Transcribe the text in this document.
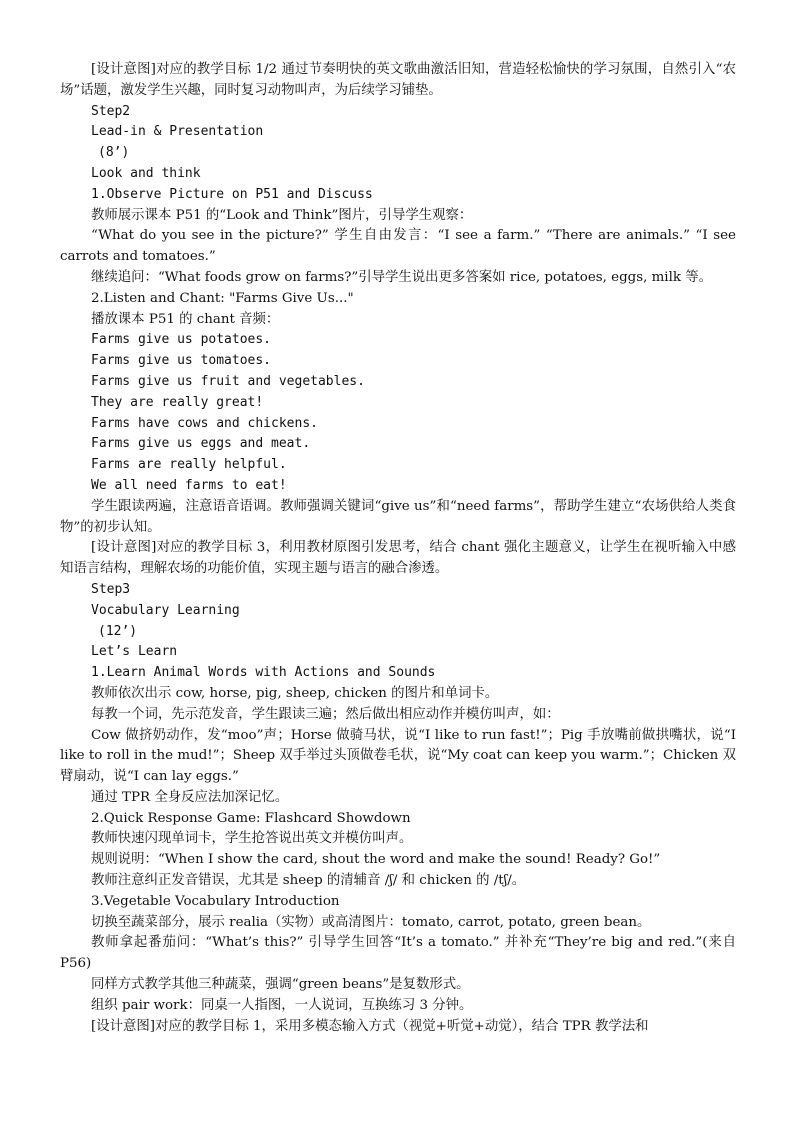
[设计意图]对应的教学目标 1/2 通过节奏明快的英文歌曲激活旧知，营造轻松愉快的学习氛围，自然引入“农场”话题，激发学生兴趣，同时复习动物叫声，为后续学习铺垫。

Step2

Lead-in & Presentation

(8’)

Look and think

1.Observe Picture on P51 and Discuss

教师展示课本 P51 的“Look and Think”图片，引导学生观察：

“What do you see in the picture?” 学生自由发言：“I see a farm.” “There are animals.” “I see carrots and tomatoes.”

继续追问：“What foods grow on farms?”引导学生说出更多答案如 rice, potatoes, eggs, milk 等。

2.Listen and Chant: "Farms Give Us..."

播放课本 P51 的 chant 音频：

Farms give us potatoes.

Farms give us tomatoes.

Farms give us fruit and vegetables.

They are really great!

Farms have cows and chickens.

Farms give us eggs and meat.

Farms are really helpful.

We all need farms to eat!

学生跟读两遍，注意语音语调。教师强调关键词“give us”和“need farms”，帮助学生建立“农场供给人类食物”的初步认知。

[设计意图]对应的教学目标 3，利用教材原图引发思考，结合 chant 强化主题意义，让学生在视听输入中感知语言结构，理解农场的功能价值，实现主题与语言的融合渗透。

Step3

Vocabulary Learning

(12’)

Let’s Learn

1.Learn Animal Words with Actions and Sounds

教师依次出示 cow, horse, pig, sheep, chicken 的图片和单词卡。

每教一个词，先示范发音，学生跟读三遍；然后做出相应动作并模仿叫声，如：

Cow 做挤奶动作，发“moo”声；Horse 做骑马状，说“I like to run fast!”；Pig 手放嘴前做拱嘴状，说“I like to roll in the mud!”；Sheep 双手举过头顶做卷毛状，说“My coat can keep you warm.”；Chicken 双臂扇动，说“I can lay eggs.”

通过 TPR 全身反应法加深记忆。

2.Quick Response Game: Flashcard Showdown

教师快速闪现单词卡，学生抢答说出英文并模仿叫声。

规则说明：“When I show the card, shout the word and make the sound! Ready? Go!”

教师注意纠正发音错误，尤其是 sheep 的清辅音 /ʃ/ 和 chicken 的 /tʃ/。

3.Vegetable Vocabulary Introduction

切换至蔬菜部分，展示 realia（实物）或高清图片：tomato, carrot, potato, green bean。

教师拿起番茄问：“What’s this?” 引导学生回答“It’s a tomato.” 并补充“They’re big and red.”(来自 P56)

同样方式教学其他三种蔬菜，强调“green beans”是复数形式。

组织 pair work：同桌一人指图，一人说词，互换练习 3 分钟。

[设计意图]对应的教学目标 1，采用多模态输入方式（视觉+听觉+动觉），结合 TPR 教学法和
